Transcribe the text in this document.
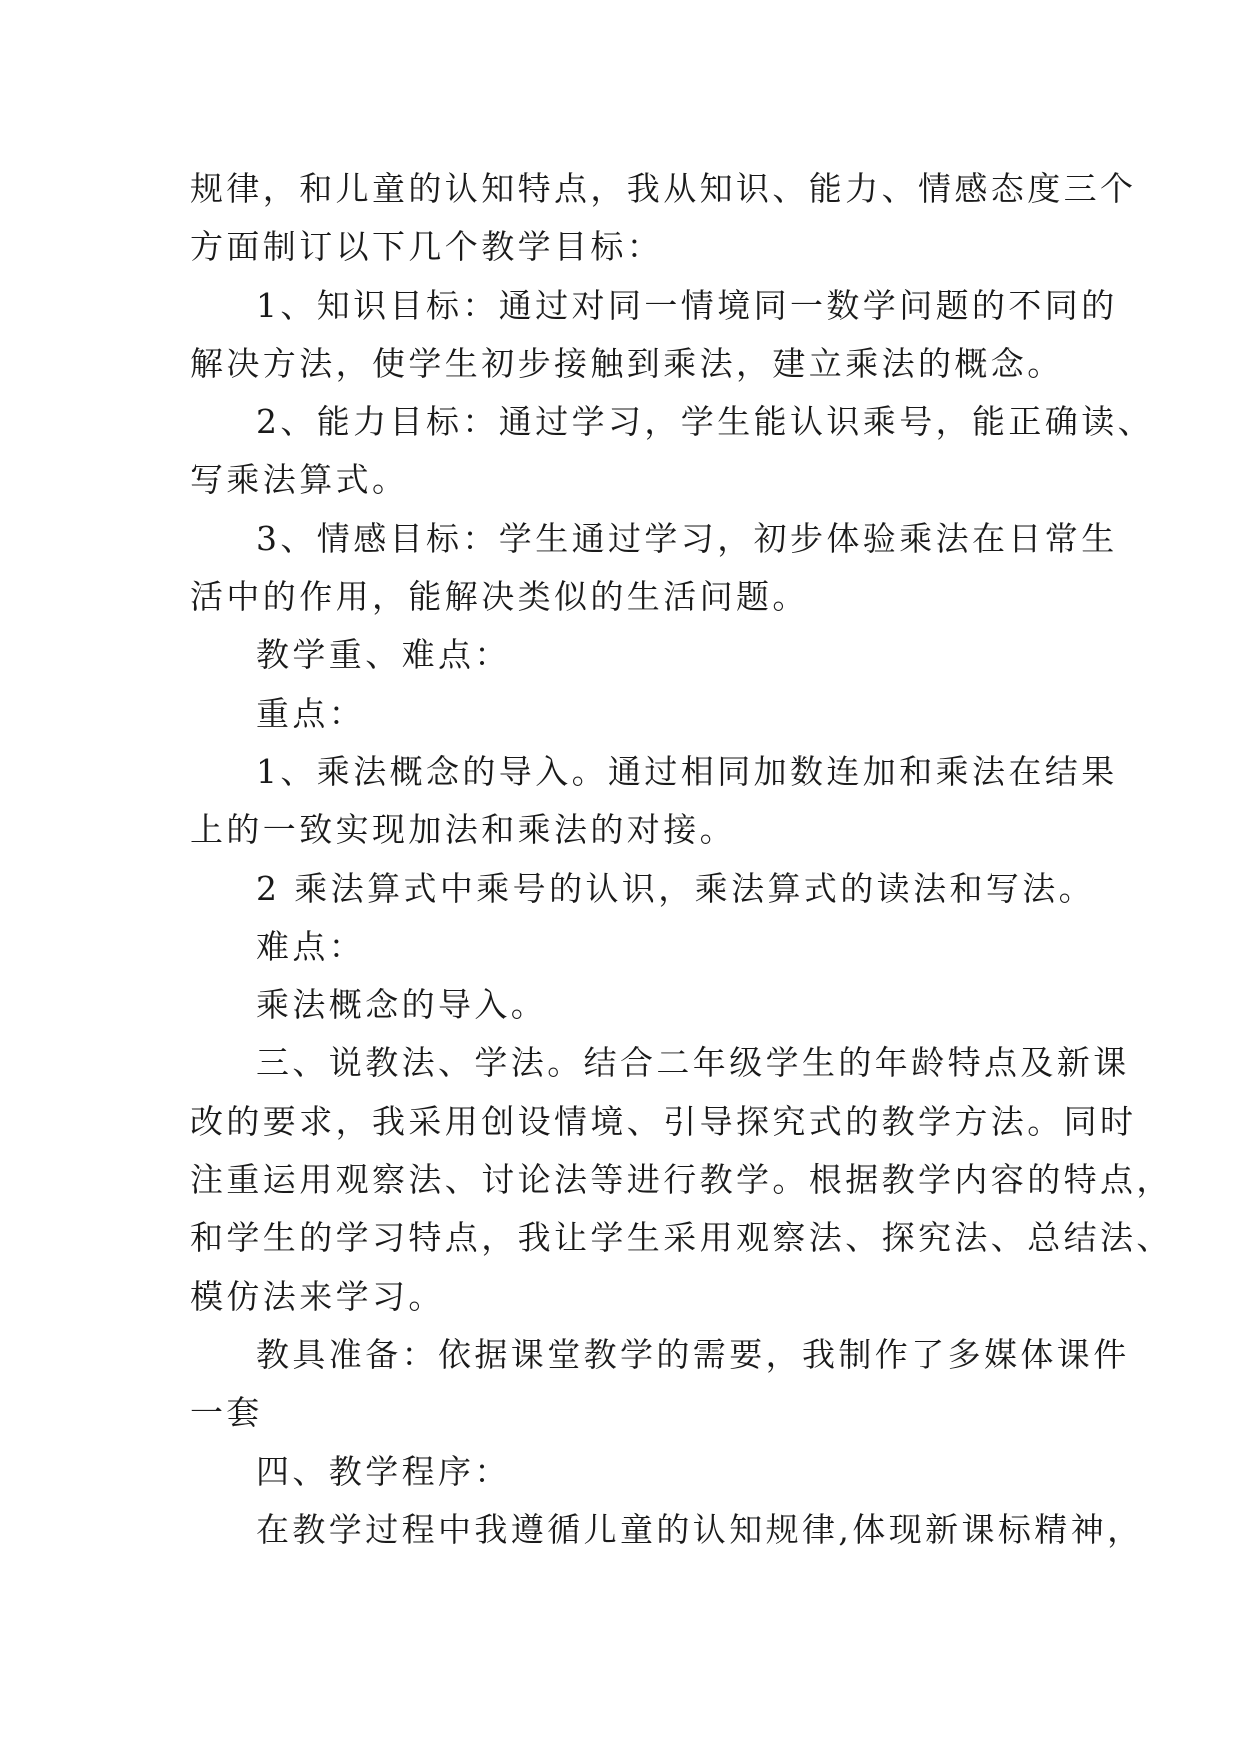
规律，和儿童的认知特点，我从知识、能力、情感态度三个
方面制订以下几个教学目标：
1、知识目标：通过对同一情境同一数学问题的不同的
解决方法，使学生初步接触到乘法，建立乘法的概念。
2、能力目标：通过学习，学生能认识乘号，能正确读、
写乘法算式。
3、情感目标：学生通过学习，初步体验乘法在日常生
活中的作用，能解决类似的生活问题。
教学重、难点：
重点：
1、乘法概念的导入。通过相同加数连加和乘法在结果
上的一致实现加法和乘法的对接。
2 乘法算式中乘号的认识，乘法算式的读法和写法。
难点：
乘法概念的导入。
三、说教法、学法。结合二年级学生的年龄特点及新课
改的要求，我采用创设情境、引导探究式的教学方法。同时
注重运用观察法、讨论法等进行教学。根据教学内容的特点，
和学生的学习特点，我让学生采用观察法、探究法、总结法、
模仿法来学习。
教具准备：依据课堂教学的需要，我制作了多媒体课件
一套
四、教学程序：
在教学过程中我遵循儿童的认知规律,体现新课标精神，
